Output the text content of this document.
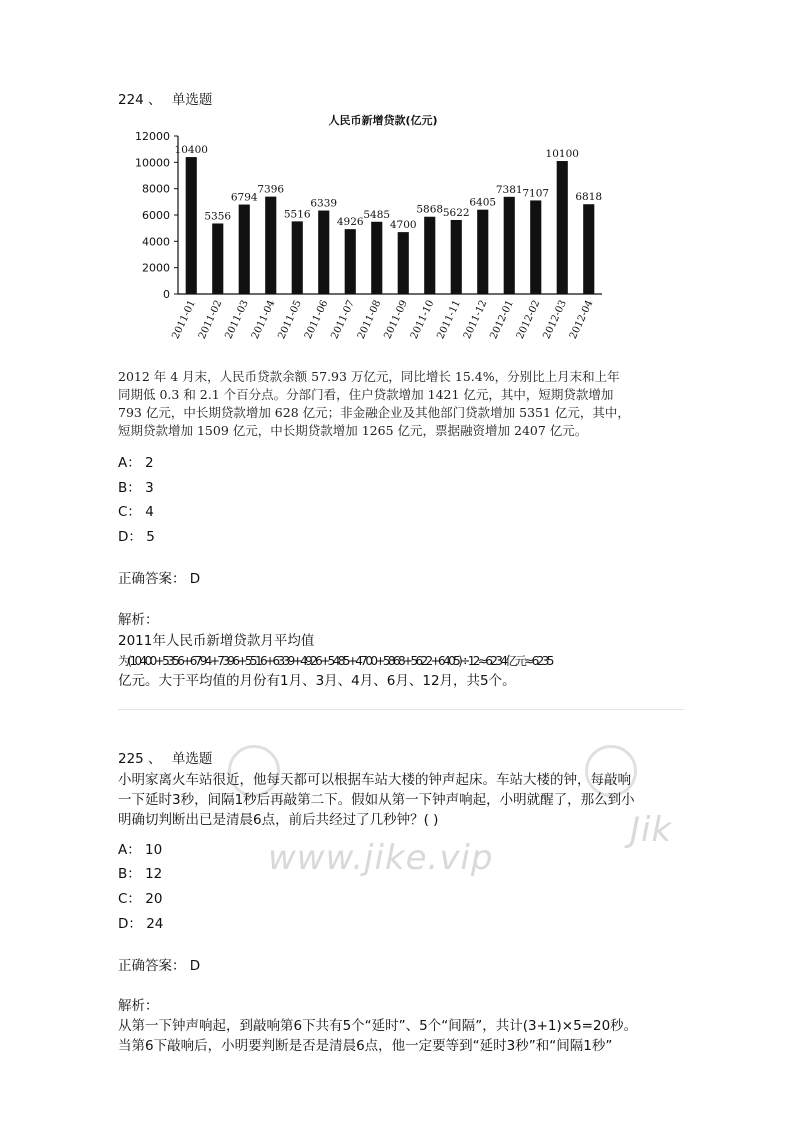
224 、 单选题
人民币新增贷款(亿元)
0
2000
4000
6000
8000
10000
12000
10400
2011-01
5356
2011-02
6794
2011-03
7396
2011-04
5516
2011-05
6339
2011-06
4926
2011-07
5485
2011-08
4700
2011-09
5868
2011-10
5622
2011-11
6405
2011-12
7381
2012-01
7107
2012-02
10100
2012-03
6818
2012-04
2012 年 4 月末，人民币贷款余额 57.93 万亿元，同比增长 15.4%，分别比上月末和上年
同期低 0.3 和 2.1 个百分点。分部门看，住户贷款增加 1421 亿元，其中，短期贷款增加
793 亿元，中长期贷款增加 628 亿元；非金融企业及其他部门贷款增加 5351 亿元，其中，
短期贷款增加 1509 亿元，中长期贷款增加 1265 亿元，票据融资增加 2407 亿元。
A： 2
B： 3
C： 4
D： 5
正确答案： D
解析：
2011年人民币新增贷款月平均值
为(10400+5356+6794+7396+5516+6339+4926+5485+4700+5868+5622+6405)÷12≈6234亿元≈6235
亿元。大于平均值的月份有1月、3月、4月、6月、12月，共5个。
www.jike.vip
Jik
225 、 单选题
小明家离火车站很近，他每天都可以根据车站大楼的钟声起床。车站大楼的钟，每敲响
一下延时3秒，间隔1秒后再敲第二下。假如从第一下钟声响起，小明就醒了，那么到小
明确切判断出已是清晨6点，前后共经过了几秒钟？( )
A： 10
B： 12
C： 20
D： 24
正确答案： D
解析：
从第一下钟声响起，到敲响第6下共有5个“延时”、5个“间隔”，共计(3+1)×5=20秒。
当第6下敲响后，小明要判断是否是清晨6点，他一定要等到“延时3秒”和“间隔1秒”
